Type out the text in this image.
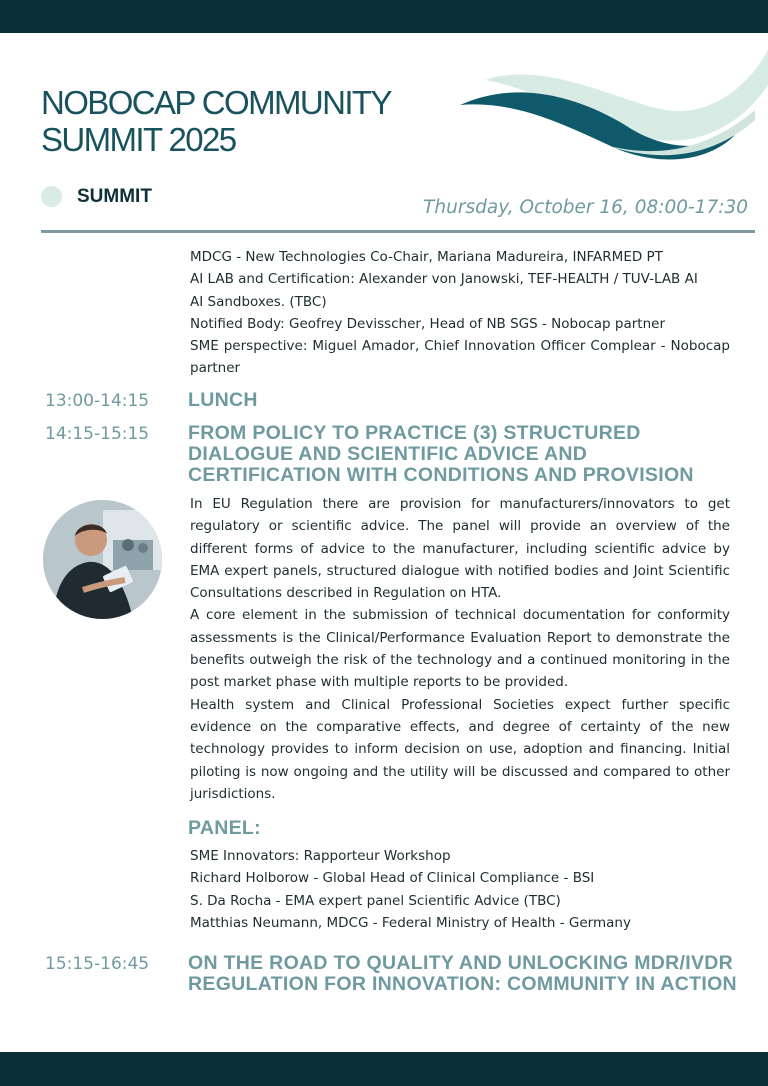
NOBOCAP COMMUNITY
SUMMIT 2025
SUMMIT
Thursday, October 16, 08:00-17:30
MDCG - New Technologies Co-Chair, Mariana Madureira, INFARMED PT
AI LAB and Certification: Alexander von Janowski, TEF-HEALTH / TUV-LAB AI
AI Sandboxes. (TBC)
Notified Body: Geofrey Devisscher, Head of NB SGS - Nobocap partner
SME perspective: Miguel Amador, Chief Innovation Officer Complear - Nobocap partner
13:00-14:15 LUNCH
14:15-15:15 FROM POLICY TO PRACTICE (3) STRUCTURED DIALOGUE AND SCIENTIFIC ADVICE AND CERTIFICATION WITH CONDITIONS AND PROVISION

In EU Regulation there are provision for manufacturers/innovators to get regulatory or scientific advice. The panel will provide an overview of the different forms of advice to the manufacturer, including scientific advice by EMA expert panels, structured dialogue with notified bodies and Joint Scientific Consultations described in Regulation on HTA.

A core element in the submission of technical documentation for conformity assessments is the Clinical/Performance Evaluation Report to demonstrate the benefits outweigh the risk of the technology and a continued monitoring in the post market phase with multiple reports to be provided.

Health system and Clinical Professional Societies expect further specific evidence on the comparative effects, and degree of certainty of the new technology provides to inform decision on use, adoption and financing. Initial piloting is now ongoing and the utility will be discussed and compared to other jurisdictions.

PANEL:
SME Innovators: Rapporteur Workshop
Richard Holborow - Global Head of Clinical Compliance - BSI
S. Da Rocha - EMA expert panel Scientific Advice (TBC)
Matthias Neumann, MDCG - Federal Ministry of Health - Germany
15:15-16:45 ON THE ROAD TO QUALITY AND UNLOCKING MDR/IVDR REGULATION FOR INNOVATION: COMMUNITY IN ACTION
